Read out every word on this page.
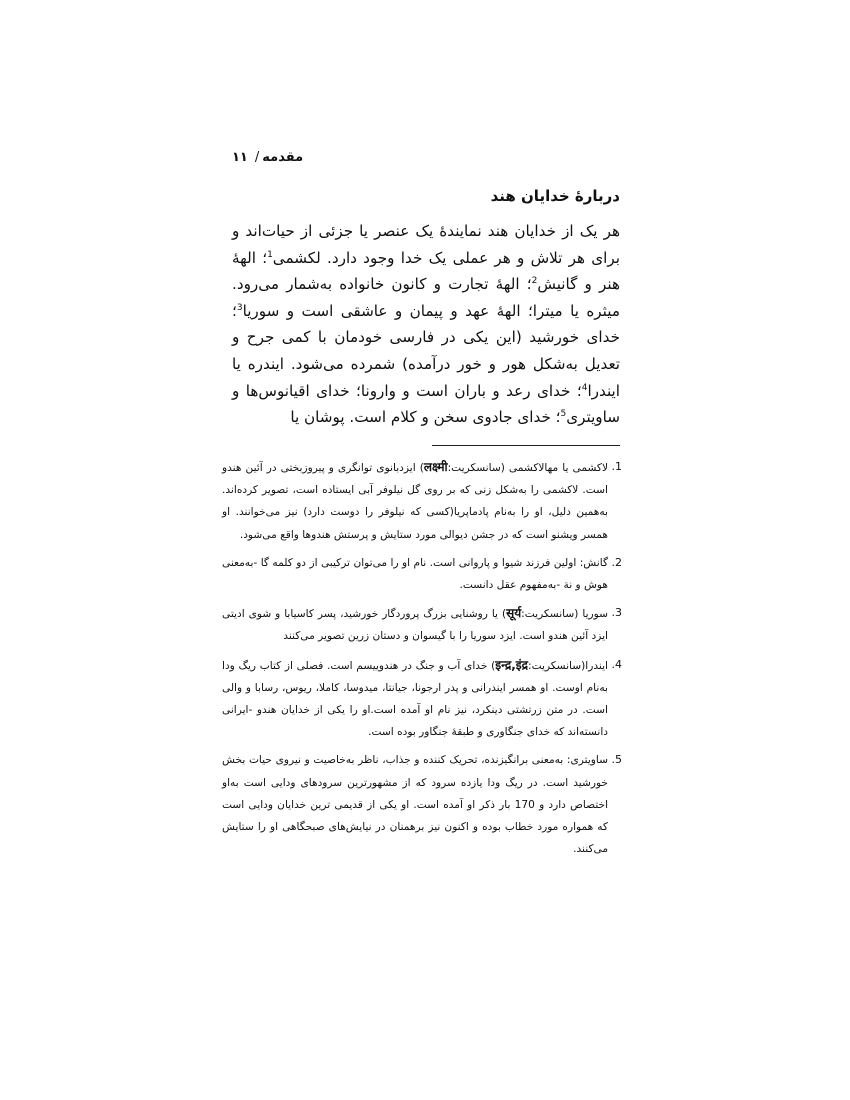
۱۱ / مقدمه
دربارهٔ خدایان هند

هر یک از خدایان هند نمایندهٔ یک عنصر یا جزئی از حیات‌اند و برای هر تلاش و هر عملی یک خدا وجود دارد. لکشمی$^1$؛ الههٔ هنر و گانیش$^2$؛ الههٔ تجارت و کانون خانواده به‌شمار می‌رود. میثره یا میترا؛ الههٔ عهد و پیمان و عاشقی است و سوریا$^3$؛ خدای خورشید (این یکی در فارسی خودمان با کمی جرح و تعدیل به‌شکل هور و خور درآمده) شمرده می‌شود. ایندره یا ایندرا$^4$؛ خدای رعد و باران است و وارونا؛ خدای اقیانوس‌ها و ساویتری$^5$؛ خدای جادوی سخن و کلام است. پوشان یا

1.
لاکشمی یا مهالاکشمی (سانسکریت:लक्ष्मी) ایزدبانوی توانگری و پیروزبختی در آئین هندو است. لاکشمی را به‌شکل زنی که بر روی گل نیلوفر آبی ایستاده است، تصویر کرده‌اند. به‌همین دلیل، او را به‌نام پادماپریا(کسی که نیلوفر را دوست دارد) نیز می‌خوانند. او همسر ویشنو است که در جشن دیوالی مورد ستایش و پرستش هندوها واقع می‌شود.
2.
گانش: اولین فرزند شیوا و پاروانی است. نام او را می‌توان ترکیبی از دو کلمه گا -به‌معنی هوش و نة -به‌مفهوم عقل دانست.
3.
سوریا (سانسکریت:सूर्य) یا روشنایی بزرگ پروردگار خورشید، پسر کاسیابا و شوی ادیتی ایزد آئین هندو است. ایزد سوریا را با گیسوان و دستان زرین تصویر می‌کنند
4.
ایندرا(سانسکریت:इन्द्र,इंद्र) خدای آب و جنگ در هندوییسم است. فصلی از کتاب ریگ ودا به‌نام اوست. او همسر ایندرانی و پدر ارجونا، جیانتا، میدوسا، کاملا، ریوس، رسابا و والی است. در متن زرتشتی دینکرد، نیز نام او آمده است.او را یکی از خدایان هندو -ایرانی دانسته‌اند که خدای جنگاوری و طبقهٔ جنگاور بوده است.
5.
ساویتری: به‌معنی برانگیزنده، تحریک کننده و جذاب، ناظر به‌خاصیت و نیروی حیات بخش خورشید است. در ریگ ودا یازده سرود که از مشهورترین سرودهای ودایی است به‌او اختصاص دارد و 170 بار ذکر او آمده است. او یکی از قدیمی ترین خدایان ودایی است که همواره مورد خطاب بوده و اکنون نیز برهمنان در نیایش‌های صبحگاهی او را ستایش می‌کنند.
